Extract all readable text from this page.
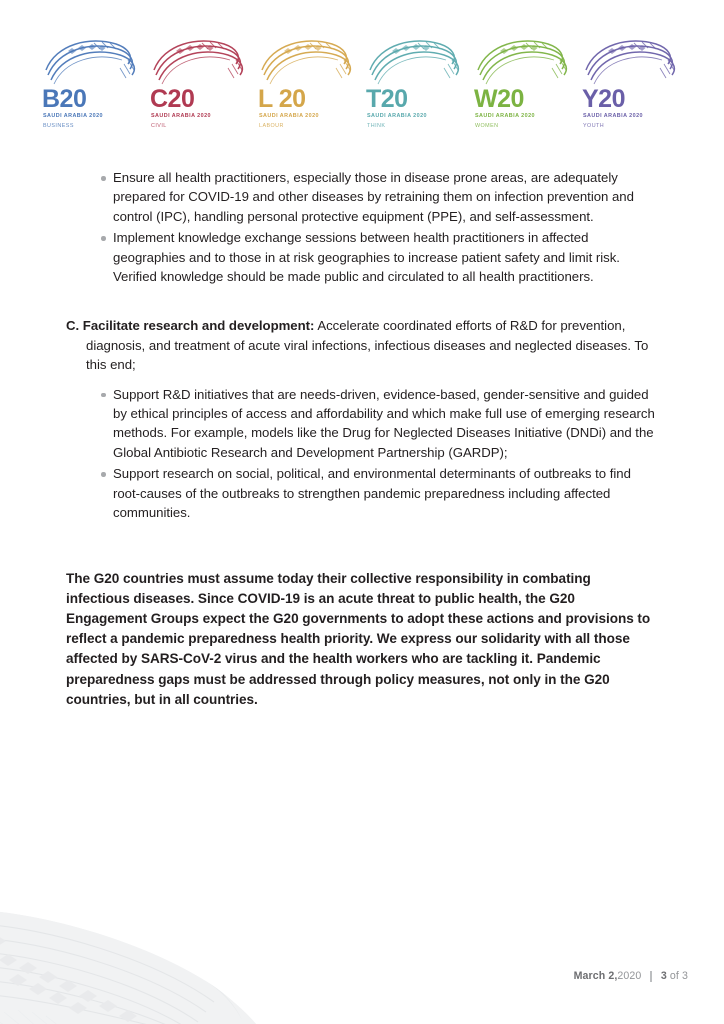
B20
SAUDI ARABIA 2020
BUSINESS
C20
SAUDI ARABIA 2020
CIVIL
L 20
SAUDI ARABIA 2020
LABOUR
T20
SAUDI ARABIA 2020
THINK
W20
SAUDI ARABIA 2020
WOMEN
Y20
SAUDI ARABIA 2020
YOUTH
Ensure all health practitioners, especially those in disease prone areas, are adequately prepared for COVID-19 and other diseases by retraining them on infection prevention and control (IPC), handling personal protective equipment (PPE), and self-assessment.
Implement knowledge exchange sessions between health practitioners in affected geographies and to those in at risk geographies to increase patient safety and limit risk. Verified knowledge should be made public and circulated to all health practitioners.

C. Facilitate research and development: Accelerate coordinated efforts of R&D for prevention, diagnosis, and treatment of acute viral infections, infectious diseases and neglected diseases. To this end;

Support R&D initiatives that are needs-driven, evidence-based, gender-sensitive and guided by ethical principles of access and affordability and which make full use of emerging research methods. For example, models like the Drug for Neglected Diseases Initiative (DNDi) and the Global Antibiotic Research and Development Partnership (GARDP);
Support research on social, political, and environmental determinants of outbreaks to find root-causes of the outbreaks to strengthen pandemic preparedness including affected communities.

The G20 countries must assume today their collective responsibility in combating infectious diseases. Since COVID-19 is an acute threat to public health, the G20 Engagement Groups expect the G20 governments to adopt these actions and provisions to reflect a pandemic preparedness health priority. We express our solidarity with all those affected by SARS-CoV-2 virus and the health workers who are tackling it. Pandemic preparedness gaps must be addressed through policy measures, not only in the G20 countries, but in all countries.

March 2, 2020 3 of 3
